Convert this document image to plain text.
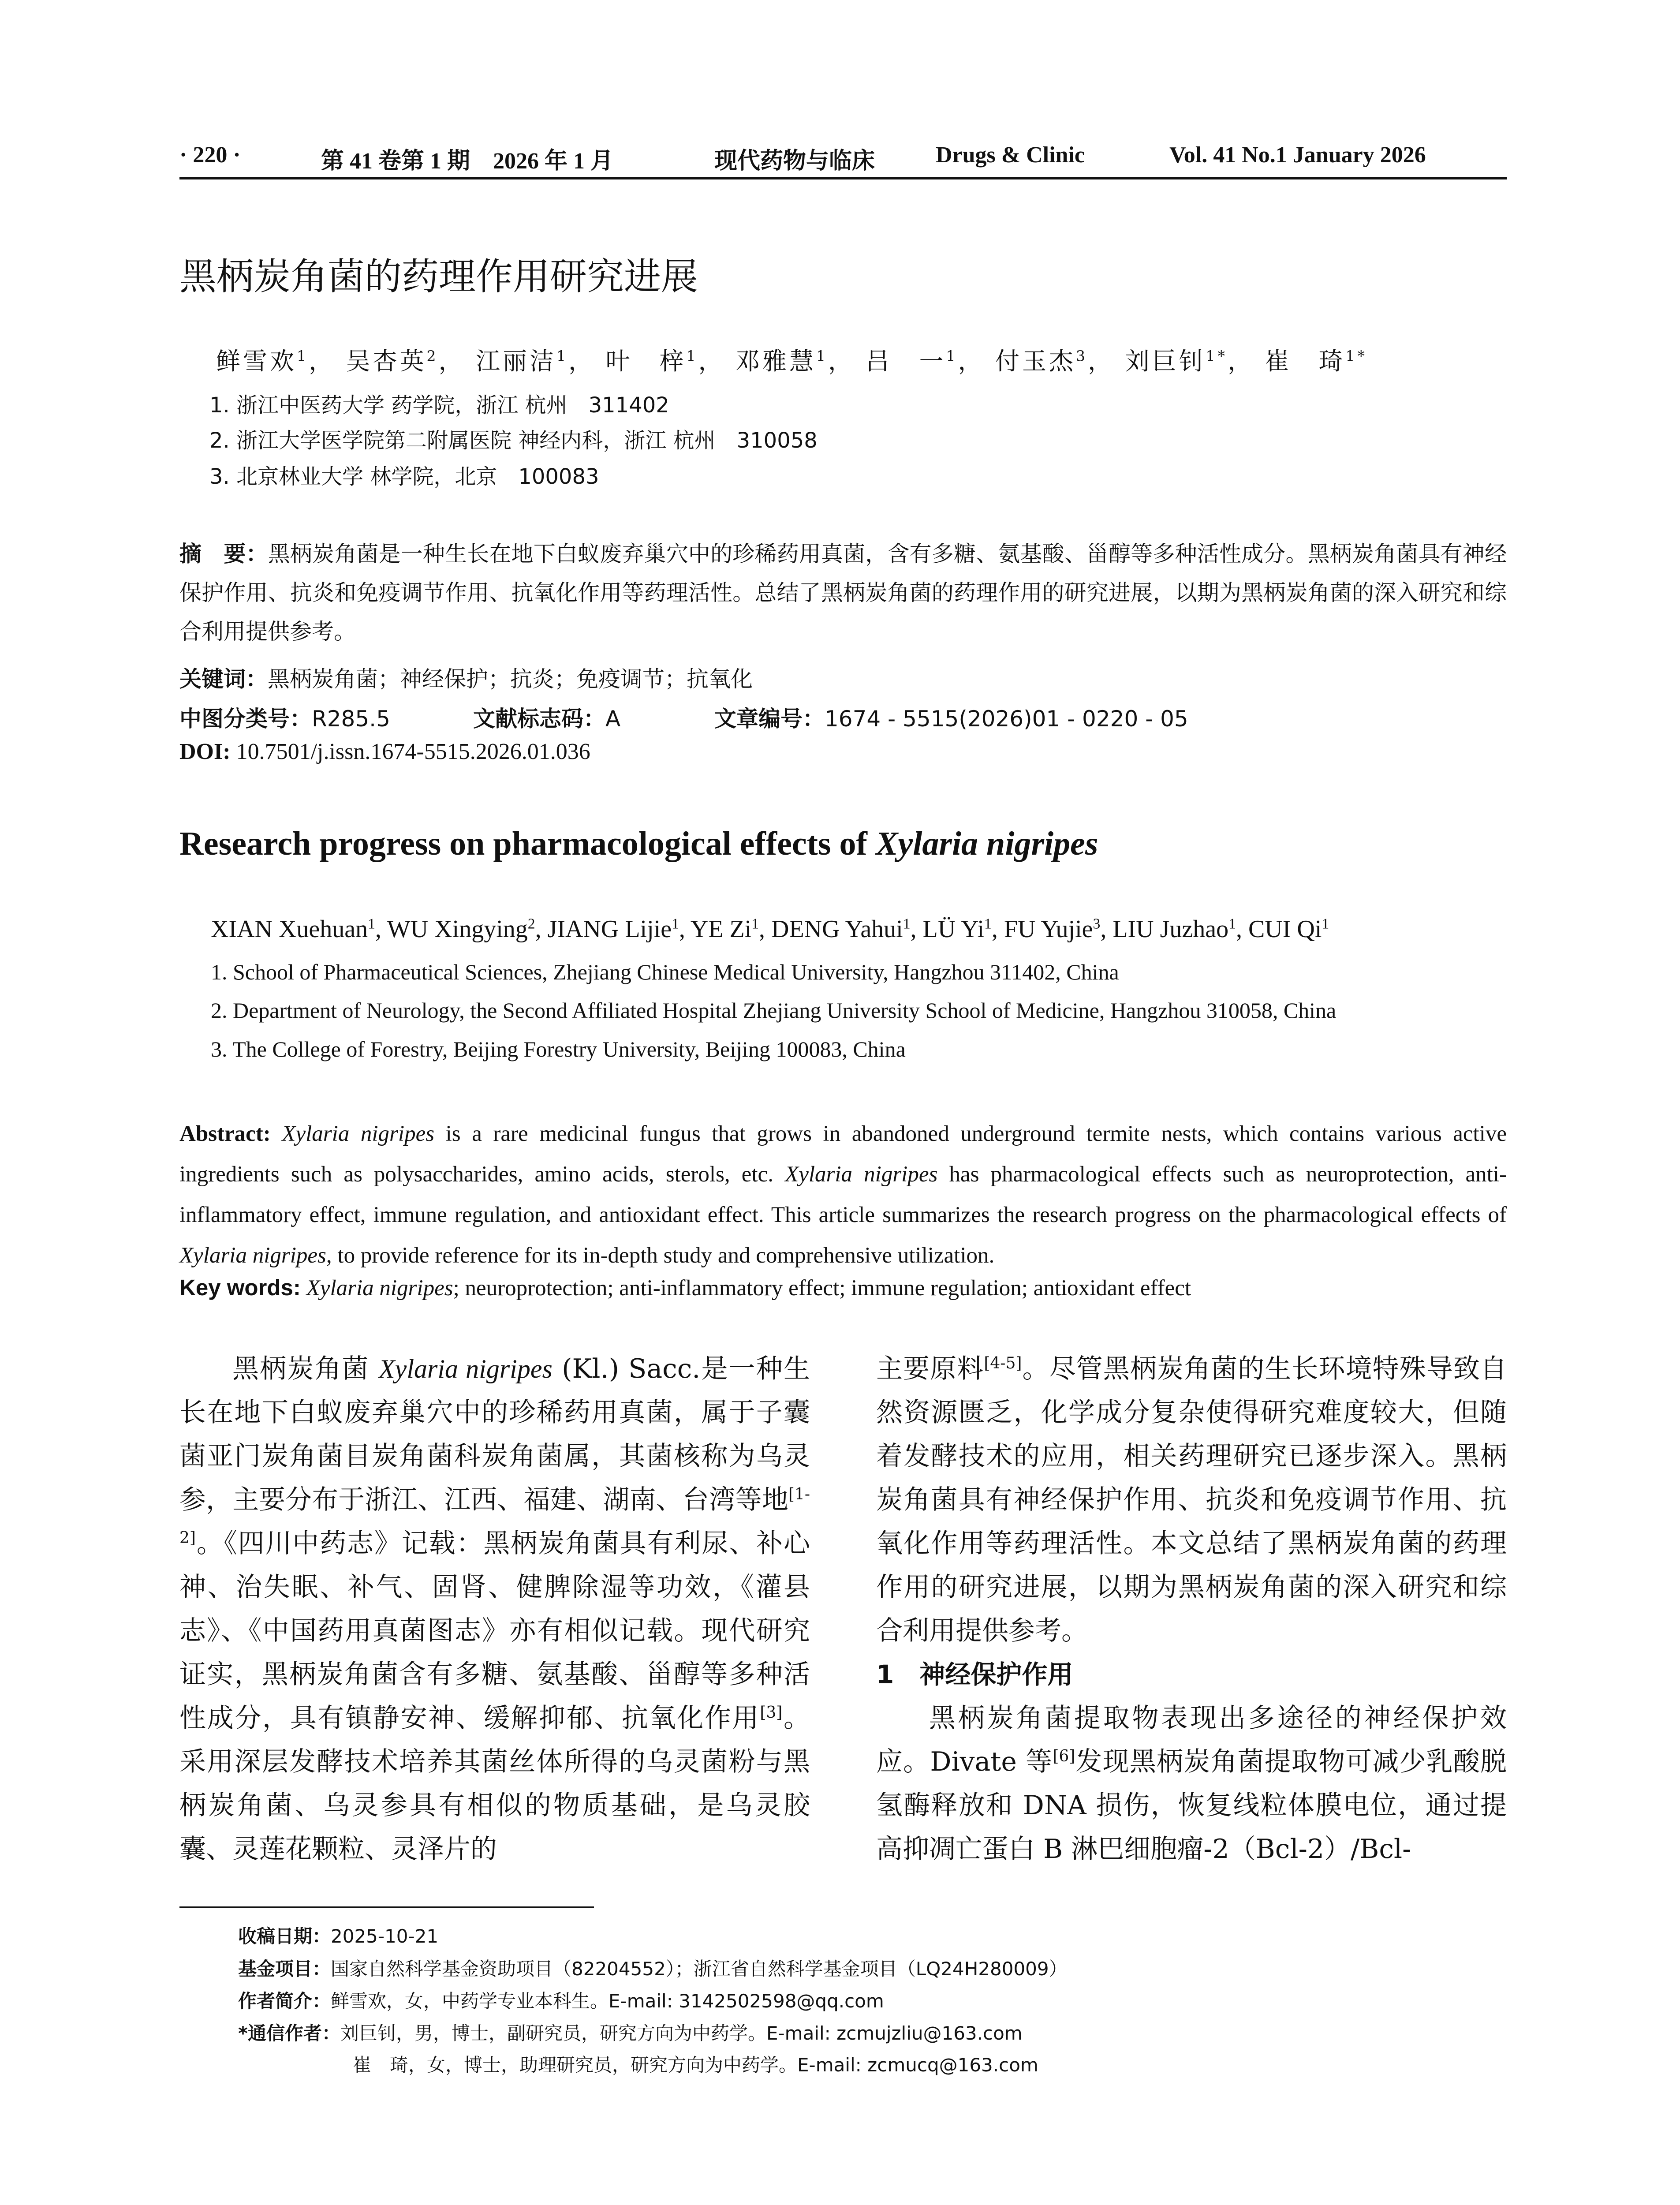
· 220 ·	第 41 卷第 1 期　2026 年 1 月	现代药物与临床	Drugs & Clinic	Vol. 41 No.1 January 2026
黑柄炭角菌的药理作用研究进展
鲜雪欢$^1$， 吴杏英$^2$， 江丽洁$^1$， 叶　梓$^1$， 邓雅慧$^1$， 吕　一$^1$， 付玉杰$^3$， 刘巨钊$^{1*}$， 崔　琦$^{1*}$
1. 浙江中医药大学 药学院，浙江 杭州　311402
2. 浙江大学医学院第二附属医院 神经内科，浙江 杭州　310058
3. 北京林业大学 林学院，北京　100083
摘　要：黑柄炭角菌是一种生长在地下白蚁废弃巢穴中的珍稀药用真菌，含有多糖、氨基酸、甾醇等多种活性成分。黑柄炭角菌具有神经保护作用、抗炎和免疫调节作用、抗氧化作用等药理活性。总结了黑柄炭角菌的药理作用的研究进展，以期为黑柄炭角菌的深入研究和综合利用提供参考。
关键词：黑柄炭角菌；神经保护；抗炎；免疫调节；抗氧化
中图分类号：R285.5	文献标志码：A	文章编号：1674 - 5515(2026)01 - 0220 - 05
DOI: 10.7501/j.issn.1674-5515.2026.01.036
Research progress on pharmacological effects of Xylaria nigripes
XIAN Xuehuan$^1$, WU Xingying$^2$, JIANG Lijie$^1$, YE Zi$^1$, DENG Yahui$^1$, LÜ Yi$^1$, FU Yujie$^3$, LIU Juzhao$^1$, CUI Qi$^1$
1. School of Pharmaceutical Sciences, Zhejiang Chinese Medical University, Hangzhou 311402, China
2. Department of Neurology, the Second Affiliated Hospital Zhejiang University School of Medicine, Hangzhou 310058, China
3. The College of Forestry, Beijing Forestry University, Beijing 100083, China
Abstract: Xylaria nigripes is a rare medicinal fungus that grows in abandoned underground termite nests, which contains various active ingredients such as polysaccharides, amino acids, sterols, etc. Xylaria nigripes has pharmacological effects such as neuroprotection, anti-inflammatory effect, immune regulation, and antioxidant effect. This article summarizes the research progress on the pharmacological effects of Xylaria nigripes, to provide reference for its in-depth study and comprehensive utilization.
Key words: Xylaria nigripes; neuroprotection; anti-inflammatory effect; immune regulation; antioxidant effect

黑柄炭角菌 Xylaria nigripes (Kl.) Sacc.是一种生长在地下白蚁废弃巢穴中的珍稀药用真菌，属于子囊菌亚门炭角菌目炭角菌科炭角菌属，其菌核称为乌灵参，主要分布于浙江、江西、福建、湖南、台湾等地[1-2]。《四川中药志》记载：黑柄炭角菌具有利尿、补心神、治失眠、补气、固肾、健脾除湿等功效，《灌县志》、《中国药用真菌图志》亦有相似记载。现代研究证实，黑柄炭角菌含有多糖、氨基酸、甾醇等多种活性成分，具有镇静安神、缓解抑郁、抗氧化作用[3]。采用深层发酵技术培养其菌丝体所得的乌灵菌粉与黑柄炭角菌、乌灵参具有相似的物质基础，是乌灵胶囊、灵莲花颗粒、灵泽片的

主要原料[4-5]。尽管黑柄炭角菌的生长环境特殊导致自然资源匮乏，化学成分复杂使得研究难度较大，但随着发酵技术的应用，相关药理研究已逐步深入。黑柄炭角菌具有神经保护作用、抗炎和免疫调节作用、抗氧化作用等药理活性。本文总结了黑柄炭角菌的药理作用的研究进展，以期为黑柄炭角菌的深入研究和综合利用提供参考。

1　神经保护作用

黑柄炭角菌提取物表现出多途径的神经保护效应。Divate 等[6]发现黑柄炭角菌提取物可减少乳酸脱氢酶释放和 DNA 损伤，恢复线粒体膜电位，通过提高抑凋亡蛋白 B 淋巴细胞瘤-2（Bcl-2）/Bcl-

收稿日期：2025-10-21
基金项目：国家自然科学基金资助项目（82204552）；浙江省自然科学基金项目（LQ24H280009）
作者简介：鲜雪欢，女，中药学专业本科生。E-mail: 3142502598@qq.com
*通信作者：刘巨钊，男，博士，副研究员，研究方向为中药学。E-mail: zcmujzliu@163.com
崔　琦，女，博士，助理研究员，研究方向为中药学。E-mail: zcmucq@163.com
